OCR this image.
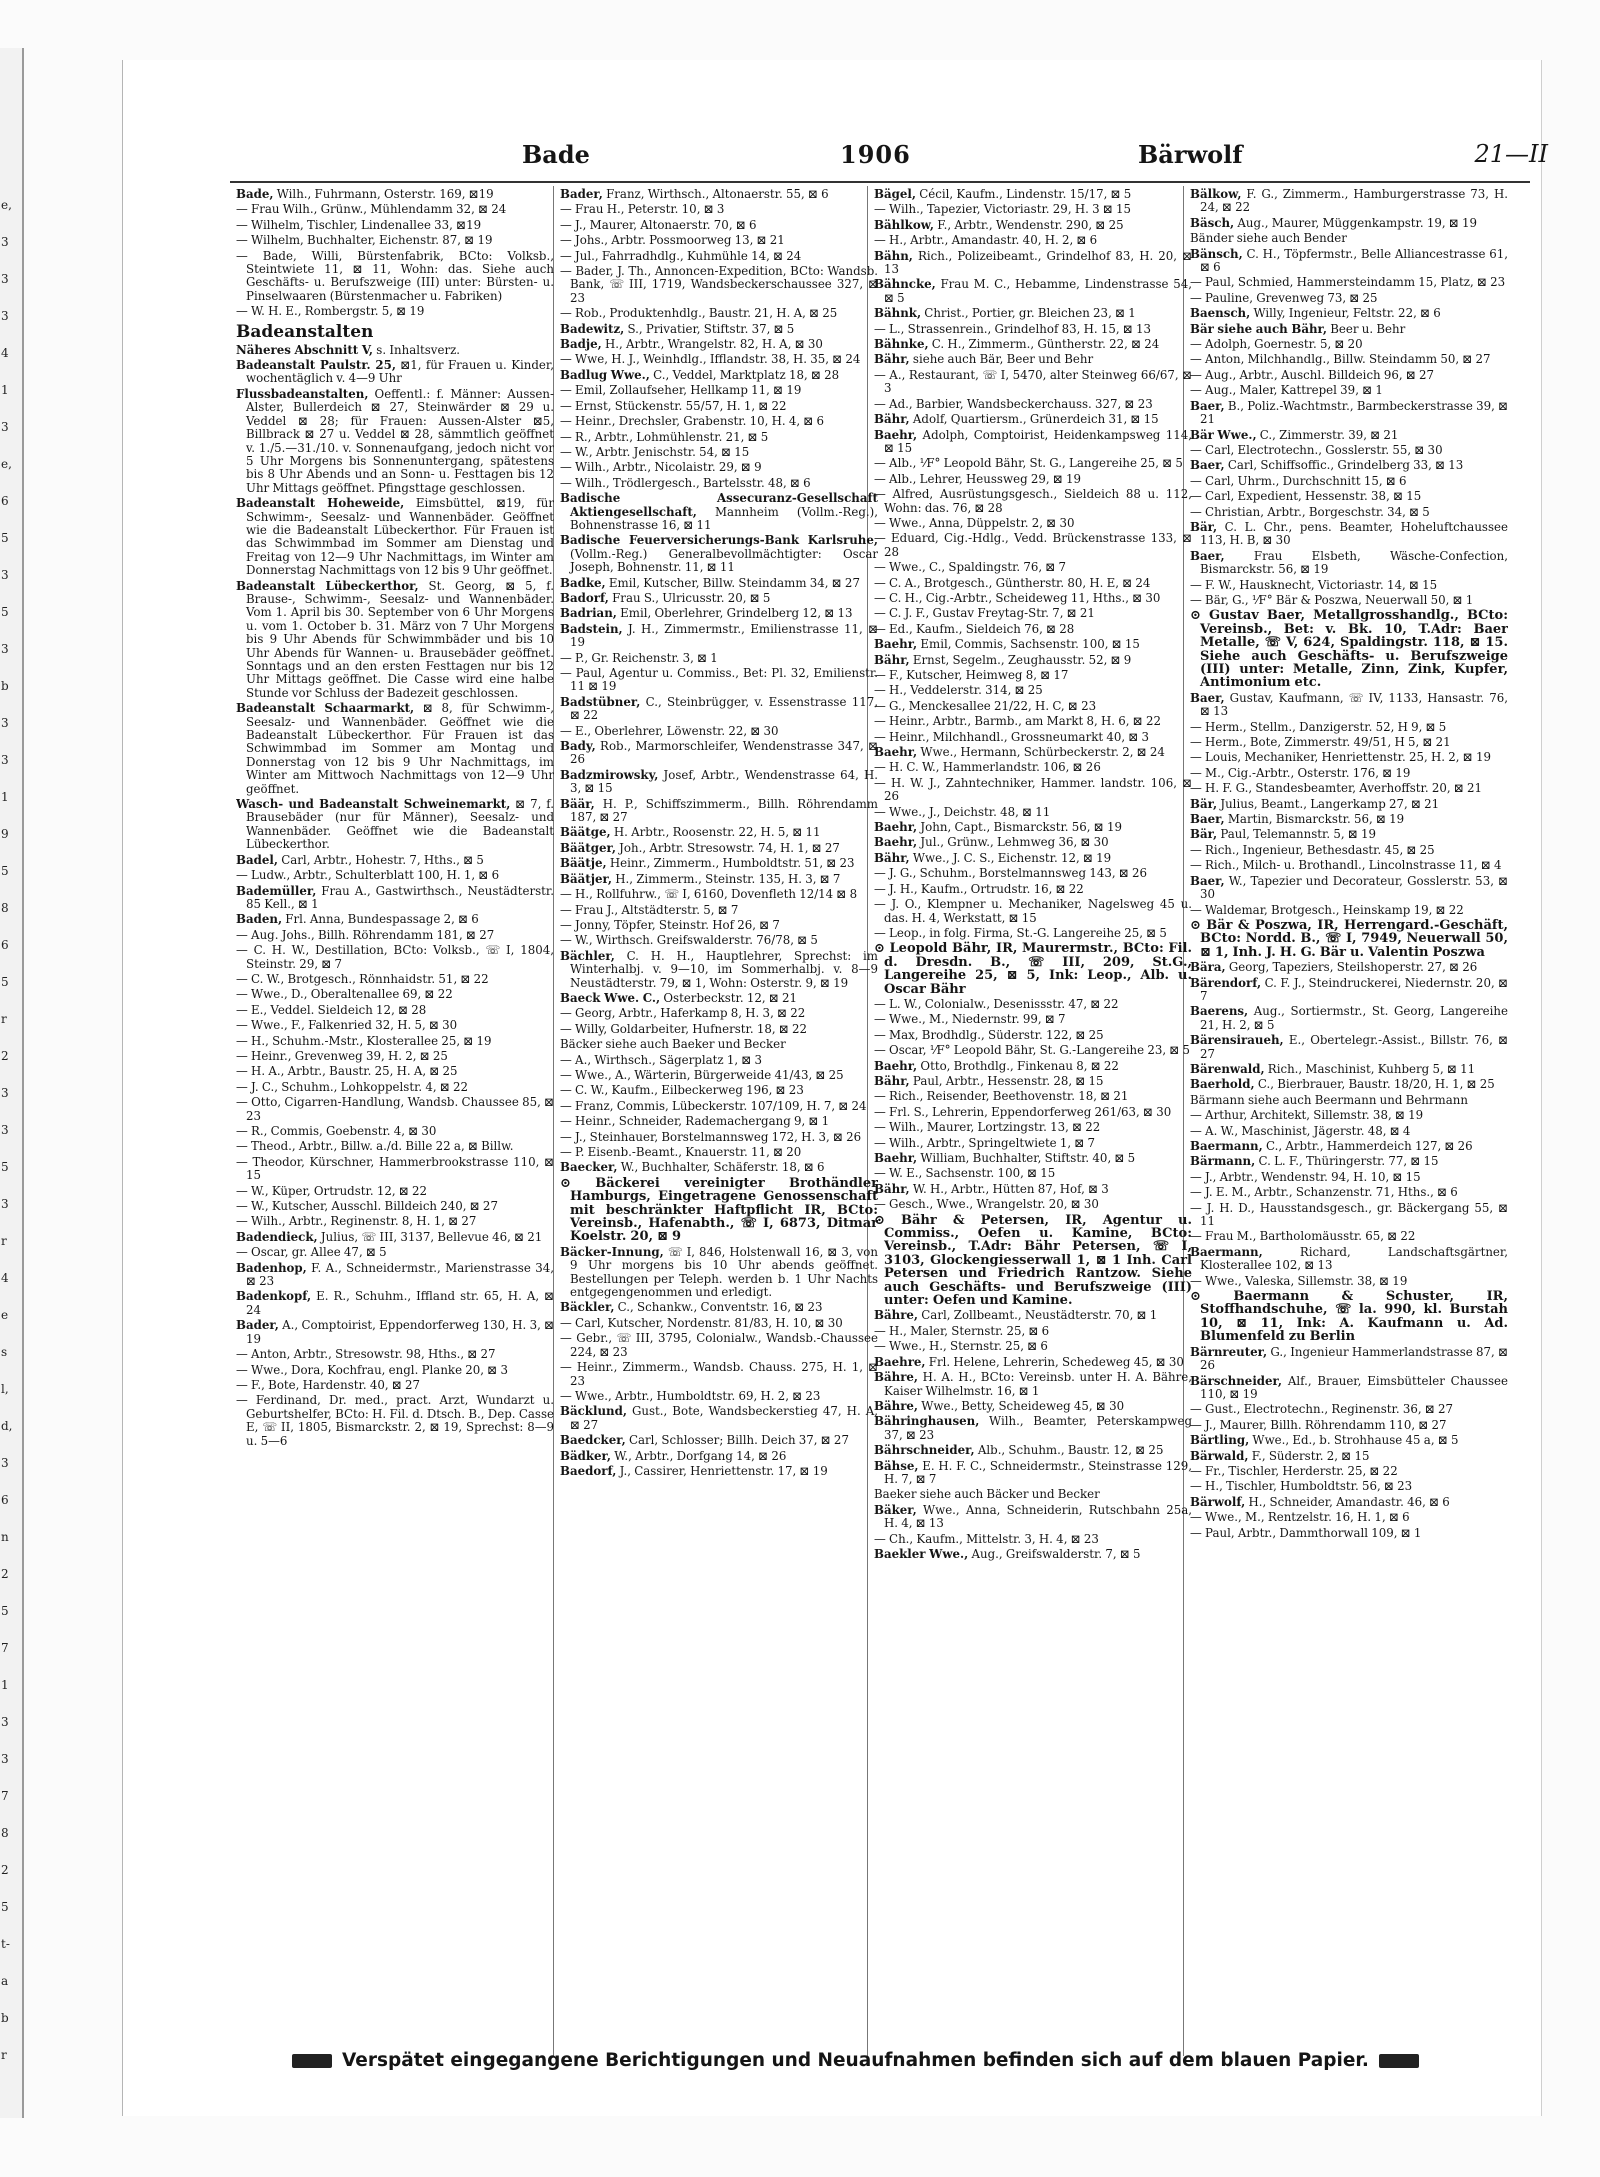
e,
3
3
3
4
1
3
e,
6
5
3
5
3
b
3
3
1
9
5
8
6
5
r
2
3
3
5
3
r
4
e
s
l,
d,
3
6
n
2
5
7
1
3
3
7
8
2
5
t-
a
b
r
Bade	1906	Bärwolf	21—II
Bade, Wilh., Fuhrmann, Osterstr. 169, ⊠19
— Frau Wilh., Grünw., Mühlendamm 32, ⊠ 24
— Wilhelm, Tischler, Lindenallee 33, ⊠19
— Wilhelm, Buchhalter, Eichenstr. 87, ⊠ 19
— Bade, Willi, Bürstenfabrik, BCto: Volksb., Steintwiete 11, ⊠ 11, Wohn: das. Siehe auch Geschäfts- u. Berufszweige (III) unter: Bürsten- u. Pinselwaaren (Bürstenmacher u. Fabriken)
— W. H. E., Rombergstr. 5, ⊠ 19
Badeanstalten
Näheres Abschnitt V, s. Inhaltsverz.
Badeanstalt Paulstr. 25, ⊠1, für Frauen u. Kinder, wochentäglich v. 4—9 Uhr
Flussbadeanstalten, Oeffentl.: f. Männer: Aussen-Alster, Bullerdeich ⊠ 27, Steinwärder ⊠ 29 u. Veddel ⊠ 28; für Frauen: Aussen-Alster ⊠5, Billbrack ⊠ 27 u. Veddel ⊠ 28, sämmtlich geöffnet v. 1./5.—31./10. v. Sonnenaufgang, jedoch nicht vor 5 Uhr Morgens bis Sonnenuntergang, spätestens bis 8 Uhr Abends und an Sonn- u. Festtagen bis 12 Uhr Mittags geöffnet. Pfingsttage geschlossen.
Badeanstalt Hoheweide, Eimsbüttel, ⊠19, für Schwimm-, Seesalz- und Wannenbäder. Geöffnet wie die Badeanstalt Lübeckerthor. Für Frauen ist das Schwimmbad im Sommer am Dienstag und Freitag von 12—9 Uhr Nachmittags, im Winter am Donnerstag Nachmittags von 12 bis 9 Uhr geöffnet.
Badeanstalt Lübeckerthor, St. Georg, ⊠ 5, f. Brause-, Schwimm-, Seesalz- und Wannenbäder. Vom 1. April bis 30. September von 6 Uhr Morgens u. vom 1. October b. 31. März von 7 Uhr Morgens bis 9 Uhr Abends für Schwimmbäder und bis 10 Uhr Abends für Wannen- u. Brausebäder geöffnet. Sonntags und an den ersten Festtagen nur bis 12 Uhr Mittags geöffnet. Die Casse wird eine halbe Stunde vor Schluss der Badezeit geschlossen.
Badeanstalt Schaarmarkt, ⊠ 8, für Schwimm-, Seesalz- und Wannenbäder. Geöffnet wie die Badeanstalt Lübeckerthor. Für Frauen ist das Schwimmbad im Sommer am Montag und Donnerstag von 12 bis 9 Uhr Nachmittags, im Winter am Mittwoch Nachmittags von 12—9 Uhr geöffnet.
Wasch- und Badeanstalt Schweinemarkt, ⊠ 7, f. Brausebäder (nur für Männer), Seesalz- und Wannenbäder. Geöffnet wie die Badeanstalt Lübeckerthor.
Badel, Carl, Arbtr., Hohestr. 7, Hths., ⊠ 5
— Ludw., Arbtr., Schulterblatt 100, H. 1, ⊠ 6
Bademüller, Frau A., Gastwirthsch., Neustädterstr. 85 Kell., ⊠ 1
Baden, Frl. Anna, Bundespassage 2, ⊠ 6
— Aug. Johs., Billh. Röhrendamm 181, ⊠ 27
— C. H. W., Destillation, BCto: Volksb., ☏ I, 1804, Steinstr. 29, ⊠ 7
— C. W., Brotgesch., Rönnhaidstr. 51, ⊠ 22
— Wwe., D., Oberaltenallee 69, ⊠ 22
— E., Veddel. Sieldeich 12, ⊠ 28
— Wwe., F., Falkenried 32, H. 5, ⊠ 30
— H., Schuhm.-Mstr., Klosterallee 25, ⊠ 19
— Heinr., Grevenweg 39, H. 2, ⊠ 25
— H. A., Arbtr., Baustr. 25, H. A, ⊠ 25
— J. C., Schuhm., Lohkoppelstr. 4, ⊠ 22
— Otto, Cigarren-Handlung, Wandsb. Chaussee 85, ⊠ 23
— R., Commis, Goebenstr. 4, ⊠ 30
— Theod., Arbtr., Billw. a./d. Bille 22 a, ⊠ Billw.
— Theodor, Kürschner, Hammerbrookstrasse 110, ⊠ 15
— W., Küper, Ortrudstr. 12, ⊠ 22
— W., Kutscher, Ausschl. Billdeich 240, ⊠ 27
— Wilh., Arbtr., Reginenstr. 8, H. 1, ⊠ 27
Badendieck, Julius, ☏ III, 3137, Bellevue 46, ⊠ 21
— Oscar, gr. Allee 47, ⊠ 5
Badenhop, F. A., Schneidermstr., Marienstrasse 34, ⊠ 23
Badenkopf, E. R., Schuhm., Iffland str. 65, H. A, ⊠ 24
Bader, A., Comptoirist, Eppendorferweg 130, H. 3, ⊠ 19
— Anton, Arbtr., Stresowstr. 98, Hths., ⊠ 27
— Wwe., Dora, Kochfrau, engl. Planke 20, ⊠ 3
— F., Bote, Hardenstr. 40, ⊠ 27
— Ferdinand, Dr. med., pract. Arzt, Wundarzt u. Geburtshelfer, BCto: H. Fil. d. Dtsch. B., Dep. Casse E, ☏ II, 1805, Bismarckstr. 2, ⊠ 19, Sprechst: 8—9 u. 5—6
Bader, Franz, Wirthsch., Altonaerstr. 55, ⊠ 6
— Frau H., Peterstr. 10, ⊠ 3
— J., Maurer, Altonaerstr. 70, ⊠ 6
— Johs., Arbtr. Possmoorweg 13, ⊠ 21
— Jul., Fahrradhdlg., Kuhmühle 14, ⊠ 24
— Bader, J. Th., Annoncen-Expedition, BCto: Wandsb. Bank, ☏ III, 1719, Wandsbeckerschaussee 327, ⊠ 23
— Rob., Produktenhdlg., Baustr. 21, H. A, ⊠ 25
Badewitz, S., Privatier, Stiftstr. 37, ⊠ 5
Badje, H., Arbtr., Wrangelstr. 82, H. A, ⊠ 30
— Wwe, H. J., Weinhdlg., Ifflandstr. 38, H. 35, ⊠ 24
Badlug Wwe., C., Veddel, Marktplatz 18, ⊠ 28
— Emil, Zollaufseher, Hellkamp 11, ⊠ 19
— Ernst, Stückenstr. 55/57, H. 1, ⊠ 22
— Heinr., Drechsler, Grabenstr. 10, H. 4, ⊠ 6
— R., Arbtr., Lohmühlenstr. 21, ⊠ 5
— W., Arbtr. Jenischstr. 54, ⊠ 15
— Wilh., Arbtr., Nicolaistr. 29, ⊠ 9
— Wilh., Trödlergesch., Bartelsstr. 48, ⊠ 6
Badische Assecuranz-Gesellschaft Aktiengesellschaft, Mannheim (Vollm.-Reg.), Bohnenstrasse 16, ⊠ 11
Badische Feuerversicherungs-Bank Karlsruhe, (Vollm.-Reg.) Generalbevollmächtigter: Oscar Joseph, Bohnenstr. 11, ⊠ 11
Badke, Emil, Kutscher, Billw. Steindamm 34, ⊠ 27
Badorf, Frau S., Ulricusstr. 20, ⊠ 5
Badrian, Emil, Oberlehrer, Grindelberg 12, ⊠ 13
Badstein, J. H., Zimmermstr., Emilienstrasse 11, ⊠ 19
— P., Gr. Reichenstr. 3, ⊠ 1
— Paul, Agentur u. Commiss., Bet: Pl. 32, Emilienstr. 11 ⊠ 19
Badstübner, C., Steinbrügger, v. Essenstrasse 117, ⊠ 22
— E., Oberlehrer, Löwenstr. 22, ⊠ 30
Bady, Rob., Marmorschleifer, Wendenstrasse 347, ⊠ 26
Badzmirowsky, Josef, Arbtr., Wendenstrasse 64, H. 3, ⊠ 15
Bäär, H. P., Schiffszimmerm., Billh. Röhrendamm 187, ⊠ 27
Bäätge, H. Arbtr., Roosenstr. 22, H. 5, ⊠ 11
Bäätger, Joh., Arbtr. Stresowstr. 74, H. 1, ⊠ 27
Bäätje, Heinr., Zimmerm., Humboldtstr. 51, ⊠ 23
Bäätjer, H., Zimmerm., Steinstr. 135, H. 3, ⊠ 7
— H., Rollfuhrw., ☏ I, 6160, Dovenfleth 12/14 ⊠ 8
— Frau J., Altstädterstr. 5, ⊠ 7
— Jonny, Töpfer, Steinstr. Hof 26, ⊠ 7
— W., Wirthsch. Greifswalderstr. 76/78, ⊠ 5
Bächler, C. H. H., Hauptlehrer, Sprechst: im Winterhalbj. v. 9—10, im Sommerhalbj. v. 8—9 Neustädterstr. 79, ⊠ 1, Wohn: Osterstr. 9, ⊠ 19
Baeck Wwe. C., Osterbeckstr. 12, ⊠ 21
— Georg, Arbtr., Haferkamp 8, H. 3, ⊠ 22
— Willy, Goldarbeiter, Hufnerstr. 18, ⊠ 22
Bäcker siehe auch Baeker und Becker
— A., Wirthsch., Sägerplatz 1, ⊠ 3
— Wwe., A., Wärterin, Bürgerweide 41/43, ⊠ 25
— C. W., Kaufm., Eilbeckerweg 196, ⊠ 23
— Franz, Commis, Lübeckerstr. 107/109, H. 7, ⊠ 24
— Heinr., Schneider, Rademachergang 9, ⊠ 1
— J., Steinhauer, Borstelmannsweg 172, H. 3, ⊠ 26
— P. Eisenb.-Beamt., Knauerstr. 11, ⊠ 20
Baecker, W., Buchhalter, Schäferstr. 18, ⊠ 6
⊙ Bäckerei vereinigter Brothändler Hamburgs, Eingetragene Genossenschaft mit beschränkter Haftpflicht IR, BCto: Vereinsb., Hafenabth., ☏ I, 6873, Ditmar Koelstr. 20, ⊠ 9
Bäcker-Innung, ☏ I, 846, Holstenwall 16, ⊠ 3, von 9 Uhr morgens bis 10 Uhr abends geöffnet. Bestellungen per Teleph. werden b. 1 Uhr Nachts entgegengenommen und erledigt.
Bäckler, C., Schankw., Conventstr. 16, ⊠ 23
— Carl, Kutscher, Nordenstr. 81/83, H. 10, ⊠ 30
— Gebr., ☏ III, 3795, Colonialw., Wandsb.-Chaussee 224, ⊠ 23
— Heinr., Zimmerm., Wandsb. Chauss. 275, H. 1, ⊠ 23
— Wwe., Arbtr., Humboldtstr. 69, H. 2, ⊠ 23
Bäcklund, Gust., Bote, Wandsbeckerstieg 47, H. A, ⊠ 27
Baedcker, Carl, Schlosser; Billh. Deich 37, ⊠ 27
Bädker, W., Arbtr., Dorfgang 14, ⊠ 26
Baedorf, J., Cassirer, Henriettenstr. 17, ⊠ 19
Bägel, Cécil, Kaufm., Lindenstr. 15/17, ⊠ 5
— Wilh., Tapezier, Victoriastr. 29, H. 3 ⊠ 15
Bählkow, F., Arbtr., Wendenstr. 290, ⊠ 25
— H., Arbtr., Amandastr. 40, H. 2, ⊠ 6
Bähn, Rich., Polizeibeamt., Grindelhof 83, H. 20, ⊠ 13
Bähncke, Frau M. C., Hebamme, Lindenstrasse 54, ⊠ 5
Bähnk, Christ., Portier, gr. Bleichen 23, ⊠ 1
— L., Strassenrein., Grindelhof 83, H. 15, ⊠ 13
Bähnke, C. H., Zimmerm., Güntherstr. 22, ⊠ 24
Bähr, siehe auch Bär, Beer und Behr
— A., Restaurant, ☏ I, 5470, alter Steinweg 66/67, ⊠ 3
— Ad., Barbier, Wandsbeckerchauss. 327, ⊠ 23
Bähr, Adolf, Quartiersm., Grünerdeich 31, ⊠ 15
Baehr, Adolph, Comptoirist, Heidenkampsweg 114, ⊠ 15
— Alb., ⅟F° Leopold Bähr, St. G., Langereihe 25, ⊠ 5
— Alb., Lehrer, Heussweg 29, ⊠ 19
— Alfred, Ausrüstungsgesch., Sieldeich 88 u. 112, Wohn: das. 76, ⊠ 28
— Wwe., Anna, Düppelstr. 2, ⊠ 30
— Eduard, Cig.-Hdlg., Vedd. Brückenstrasse 133, ⊠ 28
— Wwe., C., Spaldingstr. 76, ⊠ 7
— C. A., Brotgesch., Güntherstr. 80, H. E, ⊠ 24
— C. H., Cig.-Arbtr., Scheideweg 11, Hths., ⊠ 30
— C. J. F., Gustav Freytag-Str. 7, ⊠ 21
— Ed., Kaufm., Sieldeich 76, ⊠ 28
Baehr, Emil, Commis, Sachsenstr. 100, ⊠ 15
Bähr, Ernst, Segelm., Zeughausstr. 52, ⊠ 9
— F., Kutscher, Heimweg 8, ⊠ 17
— H., Veddelerstr. 314, ⊠ 25
— G., Menckesallee 21/22, H. C, ⊠ 23
— Heinr., Arbtr., Barmb., am Markt 8, H. 6, ⊠ 22
— Heinr., Milchhandl., Grossneumarkt 40, ⊠ 3
Baehr, Wwe., Hermann, Schürbeckerstr. 2, ⊠ 24
— H. C. W., Hammerlandstr. 106, ⊠ 26
— H. W. J., Zahntechniker, Hammer. landstr. 106, ⊠ 26
— Wwe., J., Deichstr. 48, ⊠ 11
Baehr, John, Capt., Bismarckstr. 56, ⊠ 19
Baehr, Jul., Grünw., Lehmweg 36, ⊠ 30
Bähr, Wwe., J. C. S., Eichenstr. 12, ⊠ 19
— J. G., Schuhm., Borstelmannsweg 143, ⊠ 26
— J. H., Kaufm., Ortrudstr. 16, ⊠ 22
— J. O., Klempner u. Mechaniker, Nagelsweg 45 u. das. H. 4, Werkstatt, ⊠ 15
— Leop., in folg. Firma, St.-G. Langereihe 25, ⊠ 5
⊙ Leopold Bähr, IR, Maurermstr., BCto: Fil. d. Dresdn. B., ☏ III, 209, St.G., Langereihe 25, ⊠ 5, Ink: Leop., Alb. u. Oscar Bähr
— L. W., Colonialw., Desenissstr. 47, ⊠ 22
— Wwe., M., Niedernstr. 99, ⊠ 7
— Max, Brodhdlg., Süderstr. 122, ⊠ 25
— Oscar, ⅟F° Leopold Bähr, St. G.-Langereihe 23, ⊠ 5
Baehr, Otto, Brothdlg., Finkenau 8, ⊠ 22
Bähr, Paul, Arbtr., Hessenstr. 28, ⊠ 15
— Rich., Reisender, Beethovenstr. 18, ⊠ 21
— Frl. S., Lehrerin, Eppendorferweg 261/63, ⊠ 30
— Wilh., Maurer, Lortzingstr. 13, ⊠ 22
— Wilh., Arbtr., Springeltwiete 1, ⊠ 7
Baehr, William, Buchhalter, Stiftstr. 40, ⊠ 5
— W. E., Sachsenstr. 100, ⊠ 15
Bähr, W. H., Arbtr., Hütten 87, Hof, ⊠ 3
— Gesch., Wwe., Wrangelstr. 20, ⊠ 30
⊙ Bähr & Petersen, IR, Agentur u. Commiss., Oefen u. Kamine, BCto: Vereinsb., T.Adr: Bähr Petersen, ☏ I, 3103, Glockengiesserwall 1, ⊠ 1 Inh. Carl Petersen und Friedrich Rantzow. Siehe auch Geschäfts- und Berufszweige (III) unter: Oefen und Kamine.
Bähre, Carl, Zollbeamt., Neustädterstr. 70, ⊠ 1
— H., Maler, Sternstr. 25, ⊠ 6
— Wwe., H., Sternstr. 25, ⊠ 6
Baehre, Frl. Helene, Lehrerin, Schedeweg 45, ⊠ 30
Bähre, H. A. H., BCto: Vereinsb. unter H. A. Bähre, Kaiser Wilhelmstr. 16, ⊠ 1
Bähre, Wwe., Betty, Scheideweg 45, ⊠ 30
Bähringhausen, Wilh., Beamter, Peterskampweg 37, ⊠ 23
Bährschneider, Alb., Schuhm., Baustr. 12, ⊠ 25
Bähse, E. H. F. C., Schneidermstr., Steinstrasse 129, H. 7, ⊠ 7
Baeker siehe auch Bäcker und Becker
Bäker, Wwe., Anna, Schneiderin, Rutschbahn 25a, H. 4, ⊠ 13
— Ch., Kaufm., Mittelstr. 3, H. 4, ⊠ 23
Baekler Wwe., Aug., Greifswalderstr. 7, ⊠ 5
Bälkow, F. G., Zimmerm., Hamburgerstrasse 73, H. 24, ⊠ 22
Bäsch, Aug., Maurer, Müggenkampstr. 19, ⊠ 19
Bänder siehe auch Bender
Bänsch, C. H., Töpfermstr., Belle Alliancestrasse 61, ⊠ 6
— Paul, Schmied, Hammersteindamm 15, Platz, ⊠ 23
— Pauline, Grevenweg 73, ⊠ 25
Baensch, Willy, Ingenieur, Feltstr. 22, ⊠ 6
Bär siehe auch Bähr, Beer u. Behr
— Adolph, Goernestr. 5, ⊠ 20
— Anton, Milchhandlg., Billw. Steindamm 50, ⊠ 27
— Aug., Arbtr., Auschl. Billdeich 96, ⊠ 27
— Aug., Maler, Kattrepel 39, ⊠ 1
Baer, B., Poliz.-Wachtmstr., Barmbeckerstrasse 39, ⊠ 21
Bär Wwe., C., Zimmerstr. 39, ⊠ 21
— Carl, Electrotechn., Gosslerstr. 55, ⊠ 30
Baer, Carl, Schiffsoffic., Grindelberg 33, ⊠ 13
— Carl, Uhrm., Durchschnitt 15, ⊠ 6
— Carl, Expedient, Hessenstr. 38, ⊠ 15
— Christian, Arbtr., Borgeschstr. 34, ⊠ 5
Bär, C. L. Chr., pens. Beamter, Hoheluftchaussee 113, H. B, ⊠ 30
Baer, Frau Elsbeth, Wäsche-Confection, Bismarckstr. 56, ⊠ 19
— F. W., Hausknecht, Victoriastr. 14, ⊠ 15
— Bär, G., ⅟F° Bär & Poszwa, Neuerwall 50, ⊠ 1
⊙ Gustav Baer, Metallgrosshandlg., BCto: Vereinsb., Bet: v. Bk. 10, T.Adr: Baer Metalle, ☏ V, 624, Spaldingstr. 118, ⊠ 15. Siehe auch Geschäfts- u. Berufszweige (III) unter: Metalle, Zinn, Zink, Kupfer, Antimonium etc.
Baer, Gustav, Kaufmann, ☏ IV, 1133, Hansastr. 76, ⊠ 13
— Herm., Stellm., Danzigerstr. 52, H 9, ⊠ 5
— Herm., Bote, Zimmerstr. 49/51, H 5, ⊠ 21
— Louis, Mechaniker, Henriettenstr. 25, H. 2, ⊠ 19
— M., Cig.-Arbtr., Osterstr. 176, ⊠ 19
— H. F. G., Standesbeamter, Averhoffstr. 20, ⊠ 21
Bär, Julius, Beamt., Langerkamp 27, ⊠ 21
Baer, Martin, Bismarckstr. 56, ⊠ 19
Bär, Paul, Telemannstr. 5, ⊠ 19
— Rich., Ingenieur, Bethesdastr. 45, ⊠ 25
— Rich., Milch- u. Brothandl., Lincolnstrasse 11, ⊠ 4
Baer, W., Tapezier und Decorateur, Gosslerstr. 53, ⊠ 30
— Waldemar, Brotgesch., Heinskamp 19, ⊠ 22
⊙ Bär & Poszwa, IR, Herrengard.-Geschäft, BCto: Nordd. B., ☏ I, 7949, Neuerwall 50, ⊠ 1, Inh. J. H. G. Bär u. Valentin Poszwa
Bära, Georg, Tapeziers, Steilshoperstr. 27, ⊠ 26
Bärendorf, C. F. J., Steindruckerei, Niedernstr. 20, ⊠ 7
Baerens, Aug., Sortiermstr., St. Georg, Langereihe 21, H. 2, ⊠ 5
Bärensiraueh, E., Obertelegr.-Assist., Billstr. 76, ⊠ 27
Bärenwald, Rich., Maschinist, Kuhberg 5, ⊠ 11
Baerhold, C., Bierbrauer, Baustr. 18/20, H. 1, ⊠ 25
Bärmann siehe auch Beermann und Behrmann
— Arthur, Architekt, Sillemstr. 38, ⊠ 19
— A. W., Maschinist, Jägerstr. 48, ⊠ 4
Baermann, C., Arbtr., Hammerdeich 127, ⊠ 26
Bärmann, C. L. F., Thüringerstr. 77, ⊠ 15
— J., Arbtr., Wendenstr. 94, H. 10, ⊠ 15
— J. E. M., Arbtr., Schanzenstr. 71, Hths., ⊠ 6
— J. H. D., Hausstandsgesch., gr. Bäckergang 55, ⊠ 11
— Frau M., Bartholomäusstr. 65, ⊠ 22
Baermann, Richard, Landschaftsgärtner, Klosterallee 102, ⊠ 13
— Wwe., Valeska, Sillemstr. 38, ⊠ 19
⊙ Baermann & Schuster, IR, Stoffhandschuhe, ☏ la. 990, kl. Burstah 10, ⊠ 11, Ink: A. Kaufmann u. Ad. Blumenfeld zu Berlin
Bärnreuter, G., Ingenieur Hammerlandstrasse 87, ⊠ 26
Bärschneider, Alf., Brauer, Eimsbütteler Chaussee 110, ⊠ 19
— Gust., Electrotechn., Reginenstr. 36, ⊠ 27
— J., Maurer, Billh. Röhrendamm 110, ⊠ 27
Bärtling, Wwe., Ed., b. Strohhause 45 a, ⊠ 5
Bärwald, F., Süderstr. 2, ⊠ 15
— Fr., Tischler, Herderstr. 25, ⊠ 22
— H., Tischler, Humboldtstr. 56, ⊠ 23
Bärwolf, H., Schneider, Amandastr. 46, ⊠ 6
— Wwe., M., Rentzelstr. 16, H. 1, ⊠ 6
— Paul, Arbtr., Dammthorwall 109, ⊠ 1
Verspätet eingegangene Berichtigungen und Neuaufnahmen befinden sich auf dem blauen Papier.
